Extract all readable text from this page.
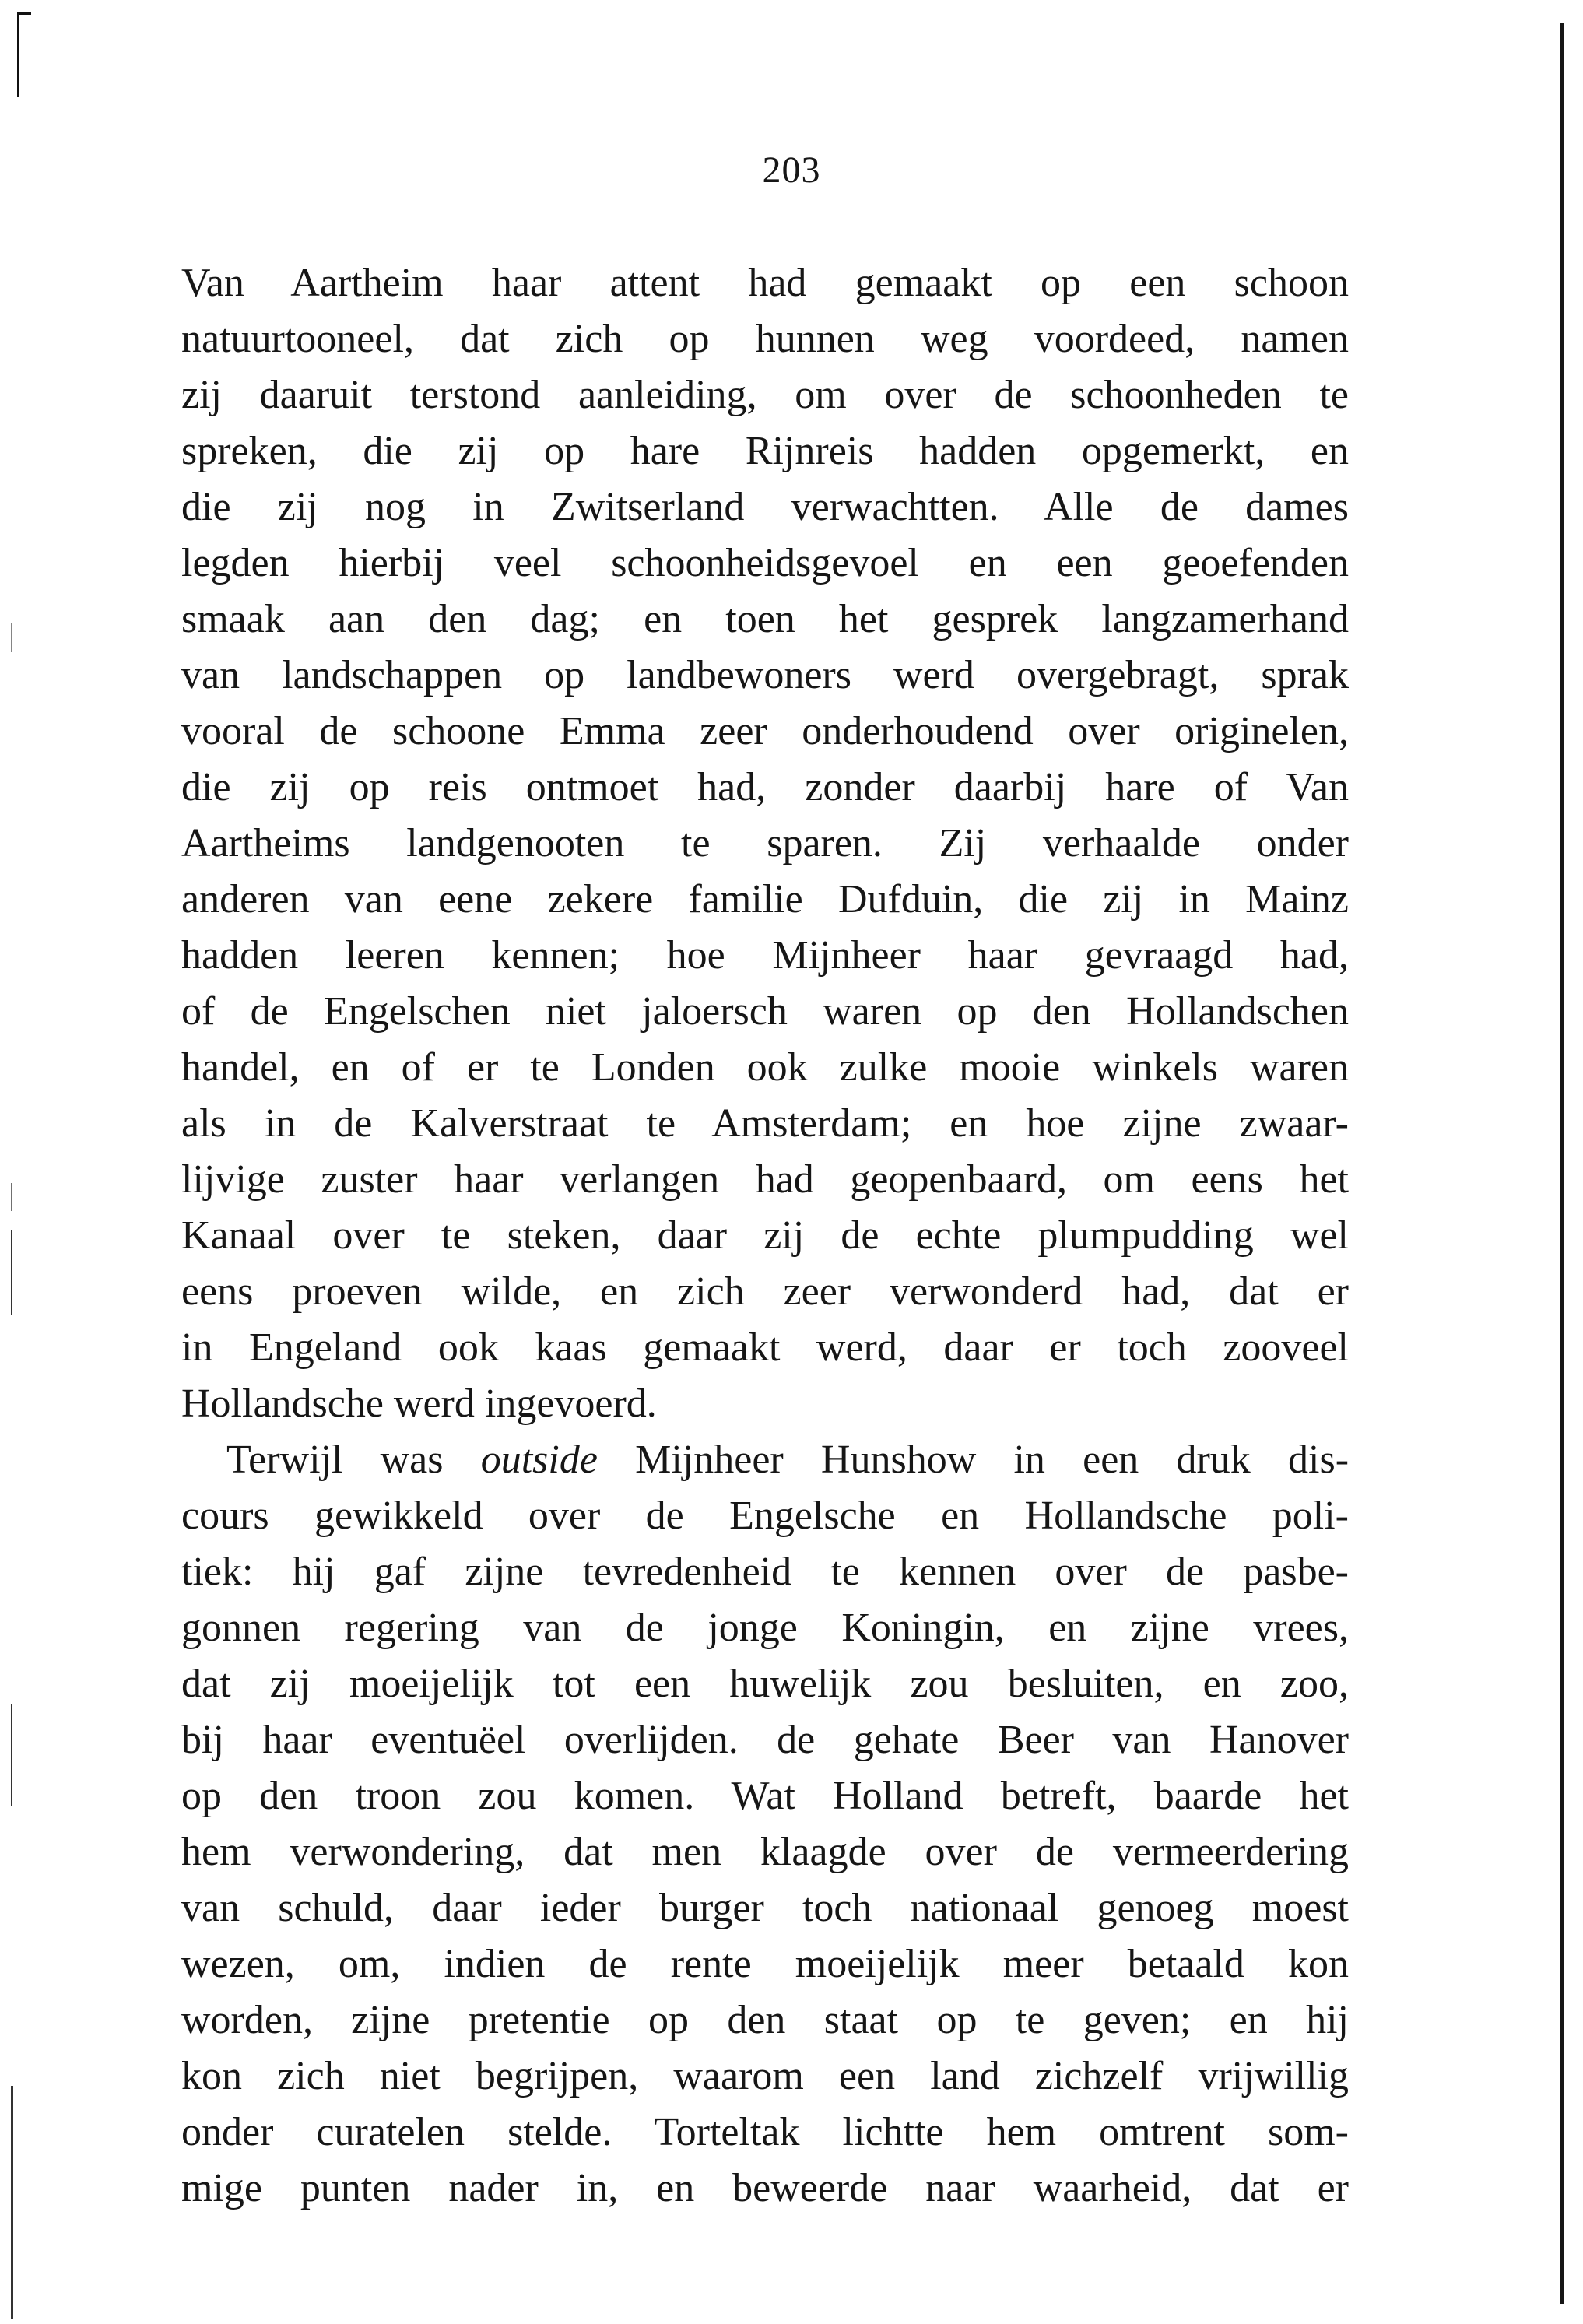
203
Van Aartheim haar attent had gemaakt op een schoon
natuurtooneel, dat zich op hunnen weg voordeed, namen
zij daaruit terstond aanleiding, om over de schoonheden te
spreken, die zij op hare Rijnreis hadden opgemerkt, en
die zij nog in Zwitserland verwachtten. Alle de dames
legden hierbij veel schoonheidsgevoel en een geoefenden
smaak aan den dag; en toen het gesprek langzamerhand
van landschappen op landbewoners werd overgebragt, sprak
vooral de schoone Emma zeer onderhoudend over originelen,
die zij op reis ontmoet had, zonder daarbij hare of Van
Aartheims landgenooten te sparen. Zij verhaalde onder
anderen van eene zekere familie Dufduin, die zij in Mainz
hadden leeren kennen; hoe Mijnheer haar gevraagd had,
of de Engelschen niet jaloersch waren op den Hollandschen
handel, en of er te Londen ook zulke mooie winkels waren
als in de Kalverstraat te Amsterdam; en hoe zijne zwaar-
lijvige zuster haar verlangen had geopenbaard, om eens het
Kanaal over te steken, daar zij de echte plumpudding wel
eens proeven wilde, en zich zeer verwonderd had, dat er
in Engeland ook kaas gemaakt werd, daar er toch zooveel
Hollandsche werd ingevoerd.
Terwijl was outside Mijnheer Hunshow in een druk dis-
cours gewikkeld over de Engelsche en Hollandsche poli-
tiek: hij gaf zijne tevredenheid te kennen over de pasbe-
gonnen regering van de jonge Koningin, en zijne vrees,
dat zij moeijelijk tot een huwelijk zou besluiten, en zoo,
bij haar eventuëel overlijden. de gehate Beer van Hanover
op den troon zou komen. Wat Holland betreft, baarde het
hem verwondering, dat men klaagde over de vermeerdering
van schuld, daar ieder burger toch nationaal genoeg moest
wezen, om, indien de rente moeijelijk meer betaald kon
worden, zijne pretentie op den staat op te geven; en hij
kon zich niet begrijpen, waarom een land zichzelf vrijwillig
onder curatelen stelde. Torteltak lichtte hem omtrent som-
mige punten nader in, en beweerde naar waarheid, dat er
